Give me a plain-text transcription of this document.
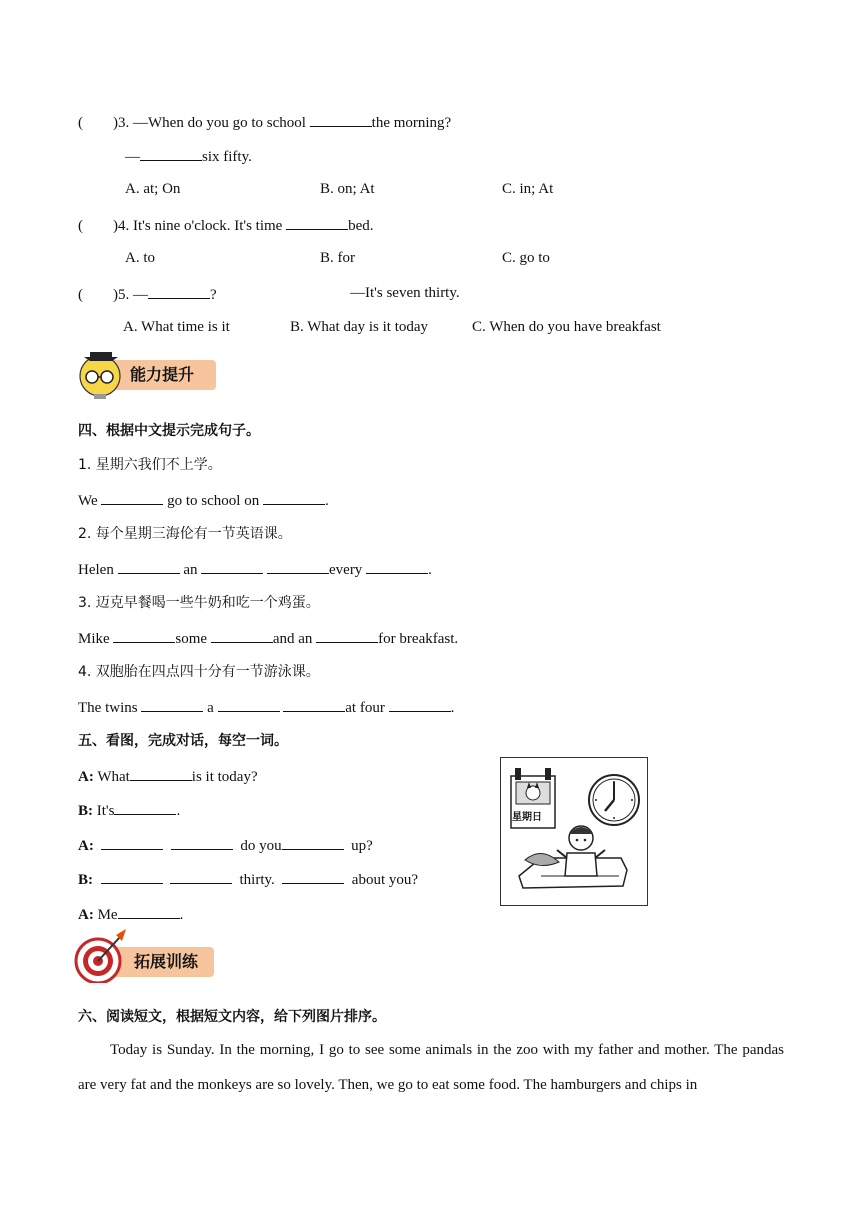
( )3. —When do you go to school	the morning?
—	six fifty.
A. at; On	B. on; At	C. in; At
( )4. It's nine o'clock. It's time	bed.
A. to	B. for	C. go to
( )5. —	?	—It's seven thirty.
A. What time is it	B. What day is it today	C. When do you have breakfast
能力提升
四、根据中文提示完成句子。
1. 星期六我们不上学。
We	go to school on	.
2. 每个星期三海伦有一节英语课。
Helen	an	every	.
3. 迈克早餐喝一些牛奶和吃一个鸡蛋。
Mike	some	and an	for breakfast.
4. 双胞胎在四点四十分有一节游泳课。
The twins	a	at four	.
五、看图，完成对话，每空一词。
A: What	is it today?
B: It's	.
A:	do you	up?
B:	thirty.	about you?
A: Me	.
星期日
拓展训练
六、阅读短文，根据短文内容，给下列图片排序。
Today is Sunday. In the morning, I go to see some animals in the zoo with my father and mother. The pandas are very fat and the monkeys are so lovely. Then, we go to eat some food. The hamburgers and chips in
